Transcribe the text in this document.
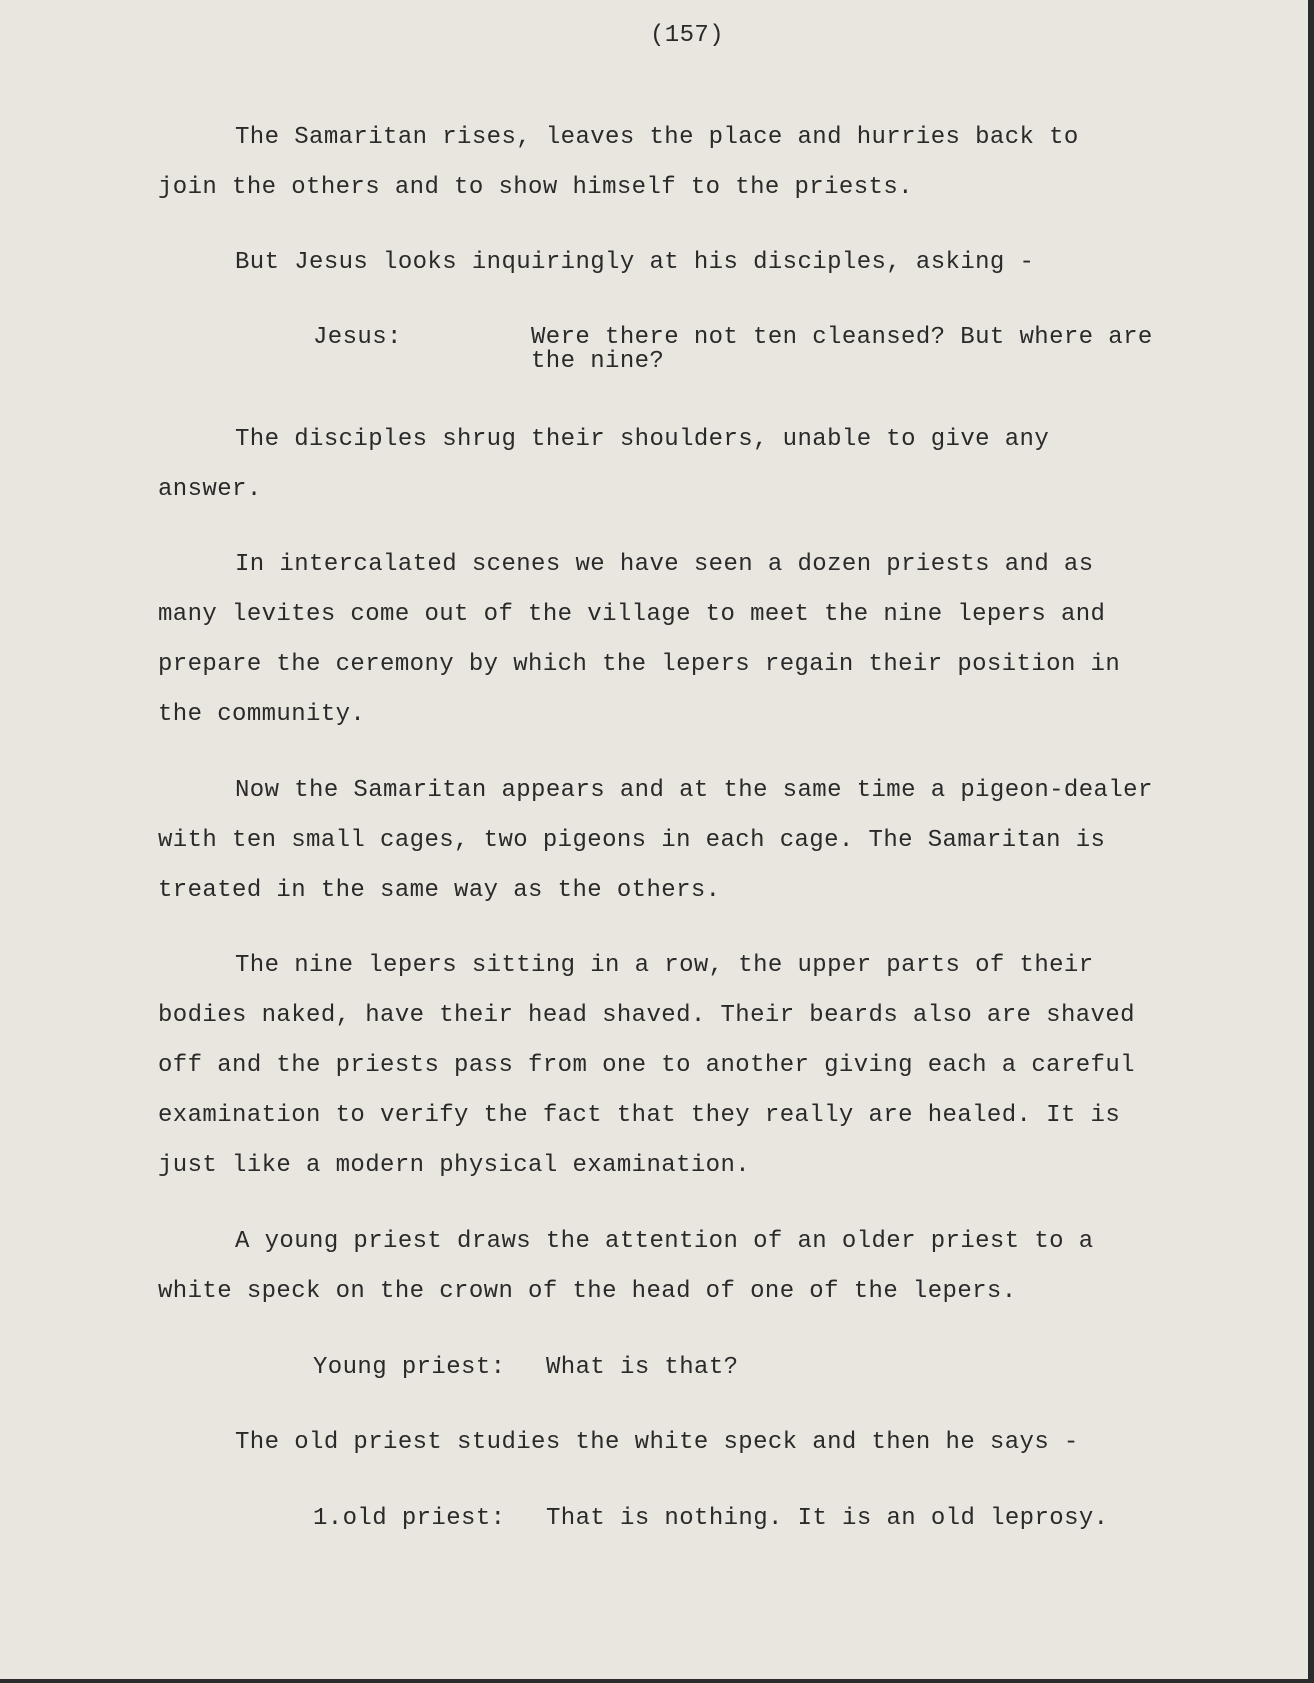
(157)
The Samaritan rises, leaves the place and hurries back to
join the others and to show himself to the priests.
But Jesus looks inquiringly at his disciples, asking -
Jesus:	Were there not ten cleansed? But where are
the nine?
The disciples shrug their shoulders, unable to give any
answer.
In intercalated scenes we have seen a dozen priests and as
many levites come out of the village to meet the nine lepers and
prepare the ceremony by which the lepers regain their position in
the community.
Now the Samaritan appears and at the same time a pigeon-dealer
with ten small cages, two pigeons in each cage. The Samaritan is
treated in the same way as the others.
The nine lepers sitting in a row, the upper parts of their
bodies naked, have their head shaved. Their beards also are shaved
off and the priests pass from one to another giving each a careful
examination to verify the fact that they really are healed. It is
just like a modern physical examination.
A young priest draws the attention of an older priest to a
white speck on the crown of the head of one of the lepers.
Young priest: What is that?
The old priest studies the white speck and then he says -
1.old priest: That is nothing. It is an old leprosy.
